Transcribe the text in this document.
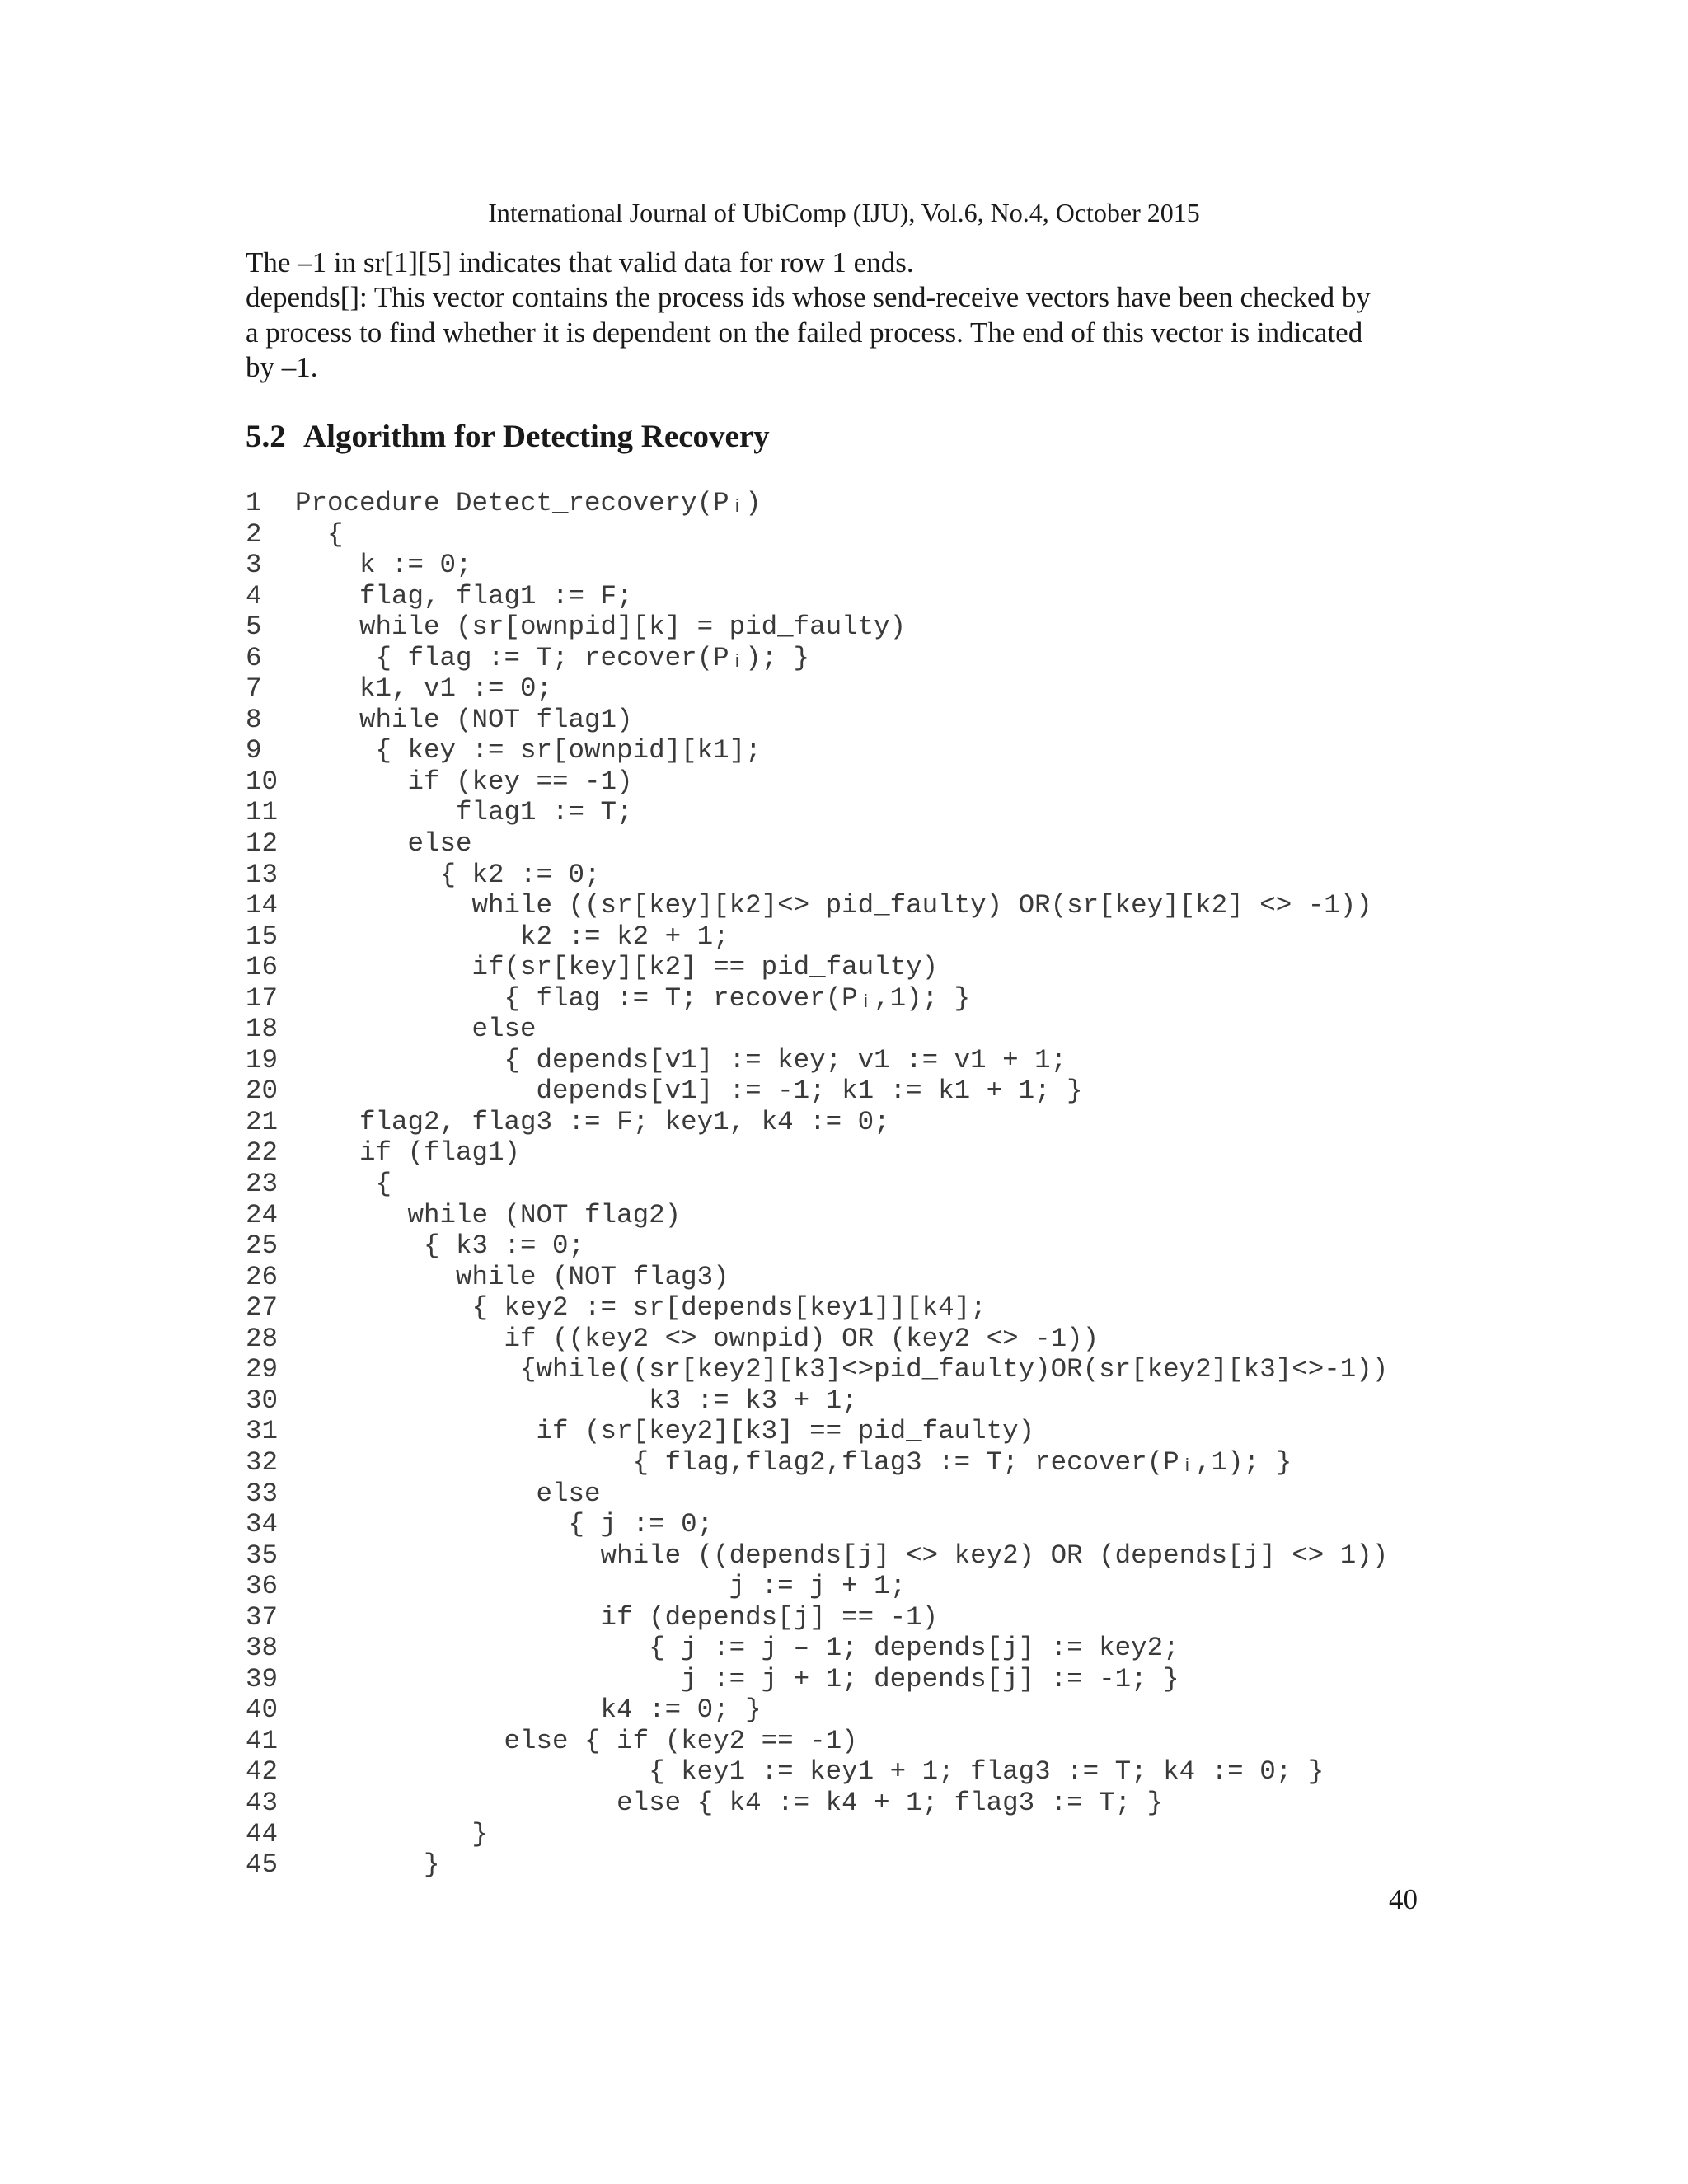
International Journal of UbiComp (IJU), Vol.6, No.4, October 2015
The –1 in sr[1][5] indicates that valid data for row 1 ends.
depends[]: This vector contains the process ids whose send-receive vectors have been checked by
a process to find whether it is dependent on the failed process. The end of this vector is indicated
by –1.
5.2 Algorithm for Detecting Recovery
1 Procedure Detect_recovery(Pᵢ)
2  {
3    k := 0;
4    flag, flag1 := F;
5    while (sr[ownpid][k] = pid_faulty)
6     { flag := T; recover(Pᵢ); }
7    k1, v1 := 0;
8    while (NOT flag1)
9     { key := sr[ownpid][k1];
10       if (key == -1)
11          flag1 := T;
12       else
13         { k2 := 0;
14           while ((sr[key][k2]<> pid_faulty) OR(sr[key][k2] <> -1))
15              k2 := k2 + 1;
16           if(sr[key][k2] == pid_faulty)
17             { flag := T; recover(Pᵢ,1); }
18           else
19             { depends[v1] := key; v1 := v1 + 1;
20               depends[v1] := -1; k1 := k1 + 1; }
21    flag2, flag3 := F; key1, k4 := 0;
22    if (flag1)
23     {
24       while (NOT flag2)
25        { k3 := 0;
26          while (NOT flag3)
27           { key2 := sr[depends[key1]][k4];
28             if ((key2 <> ownpid) OR (key2 <> -1))
29              {while((sr[key2][k3]<>pid_faulty)OR(sr[key2][k3]<>-1))
30                      k3 := k3 + 1;
31               if (sr[key2][k3] == pid_faulty)
32                     { flag,flag2,flag3 := T; recover(Pᵢ,1); }
33               else
34                 { j := 0;
35                   while ((depends[j] <> key2) OR (depends[j] <> 1))
36                           j := j + 1;
37                   if (depends[j] == -1)
38                      { j := j – 1; depends[j] := key2;
39                        j := j + 1; depends[j] := -1; }
40                   k4 := 0; }
41             else { if (key2 == -1)
42                      { key1 := key1 + 1; flag3 := T; k4 := 0; }
43                    else { k4 := k4 + 1; flag3 := T; }
44           }
45        }
40
